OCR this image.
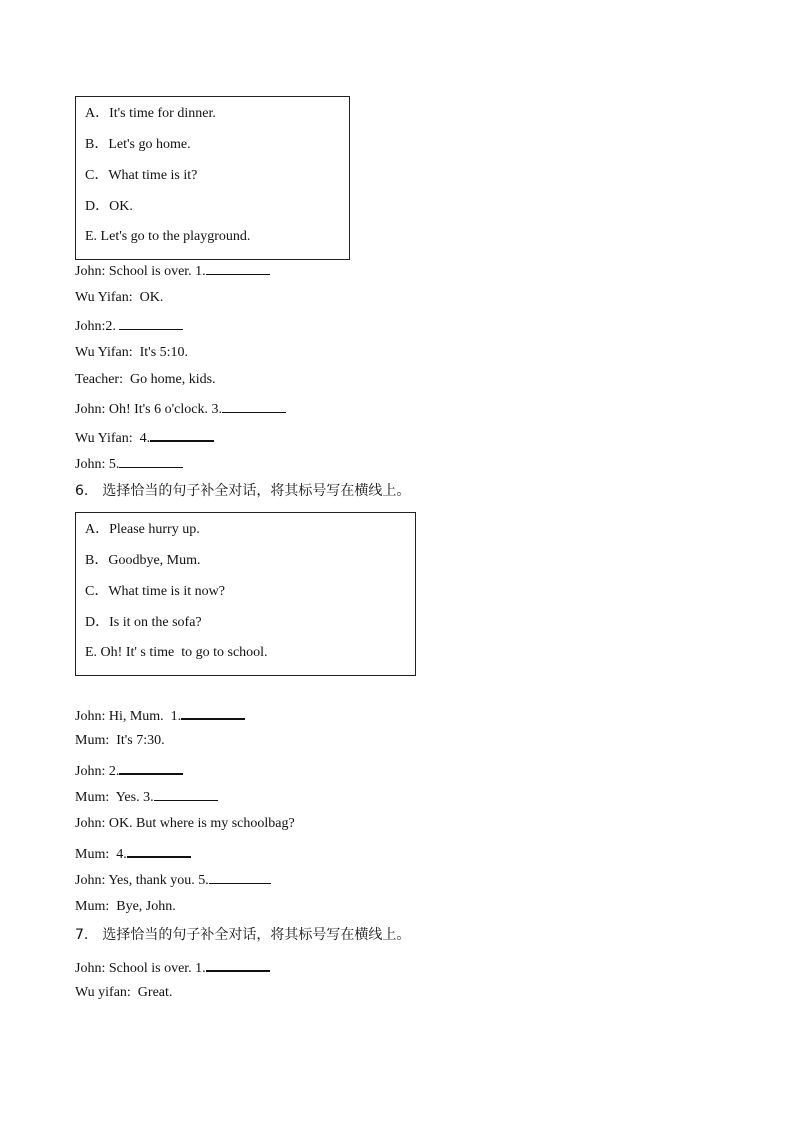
A．It's time for dinner.
B．Let's go home.
C．What time is it?
D．OK.
E. Let's go to the playground.
John: School is over. 1.
Wu Yifan:  OK.
John:2.
Wu Yifan:  It's 5:10.
Teacher:  Go home, kids.
John: Oh! It's 6 o'clock. 3.
Wu Yifan:  4.
John: 5.
6.　选择恰当的句子补全对话，将其标号写在横线上。
A．Please hurry up.
B．Goodbye, Mum.
C．What time is it now?
D．Is it on the sofa?
E. Oh! It' s time  to go to school.
John: Hi, Mum.  1.
Mum:  It's 7:30.
John: 2.
Mum:  Yes. 3.
John: OK. But where is my schoolbag?
Mum:  4.
John: Yes, thank you. 5.
Mum:  Bye, John.
7.　选择恰当的句子补全对话，将其标号写在横线上。
John: School is over. 1.
Wu yifan:  Great.
